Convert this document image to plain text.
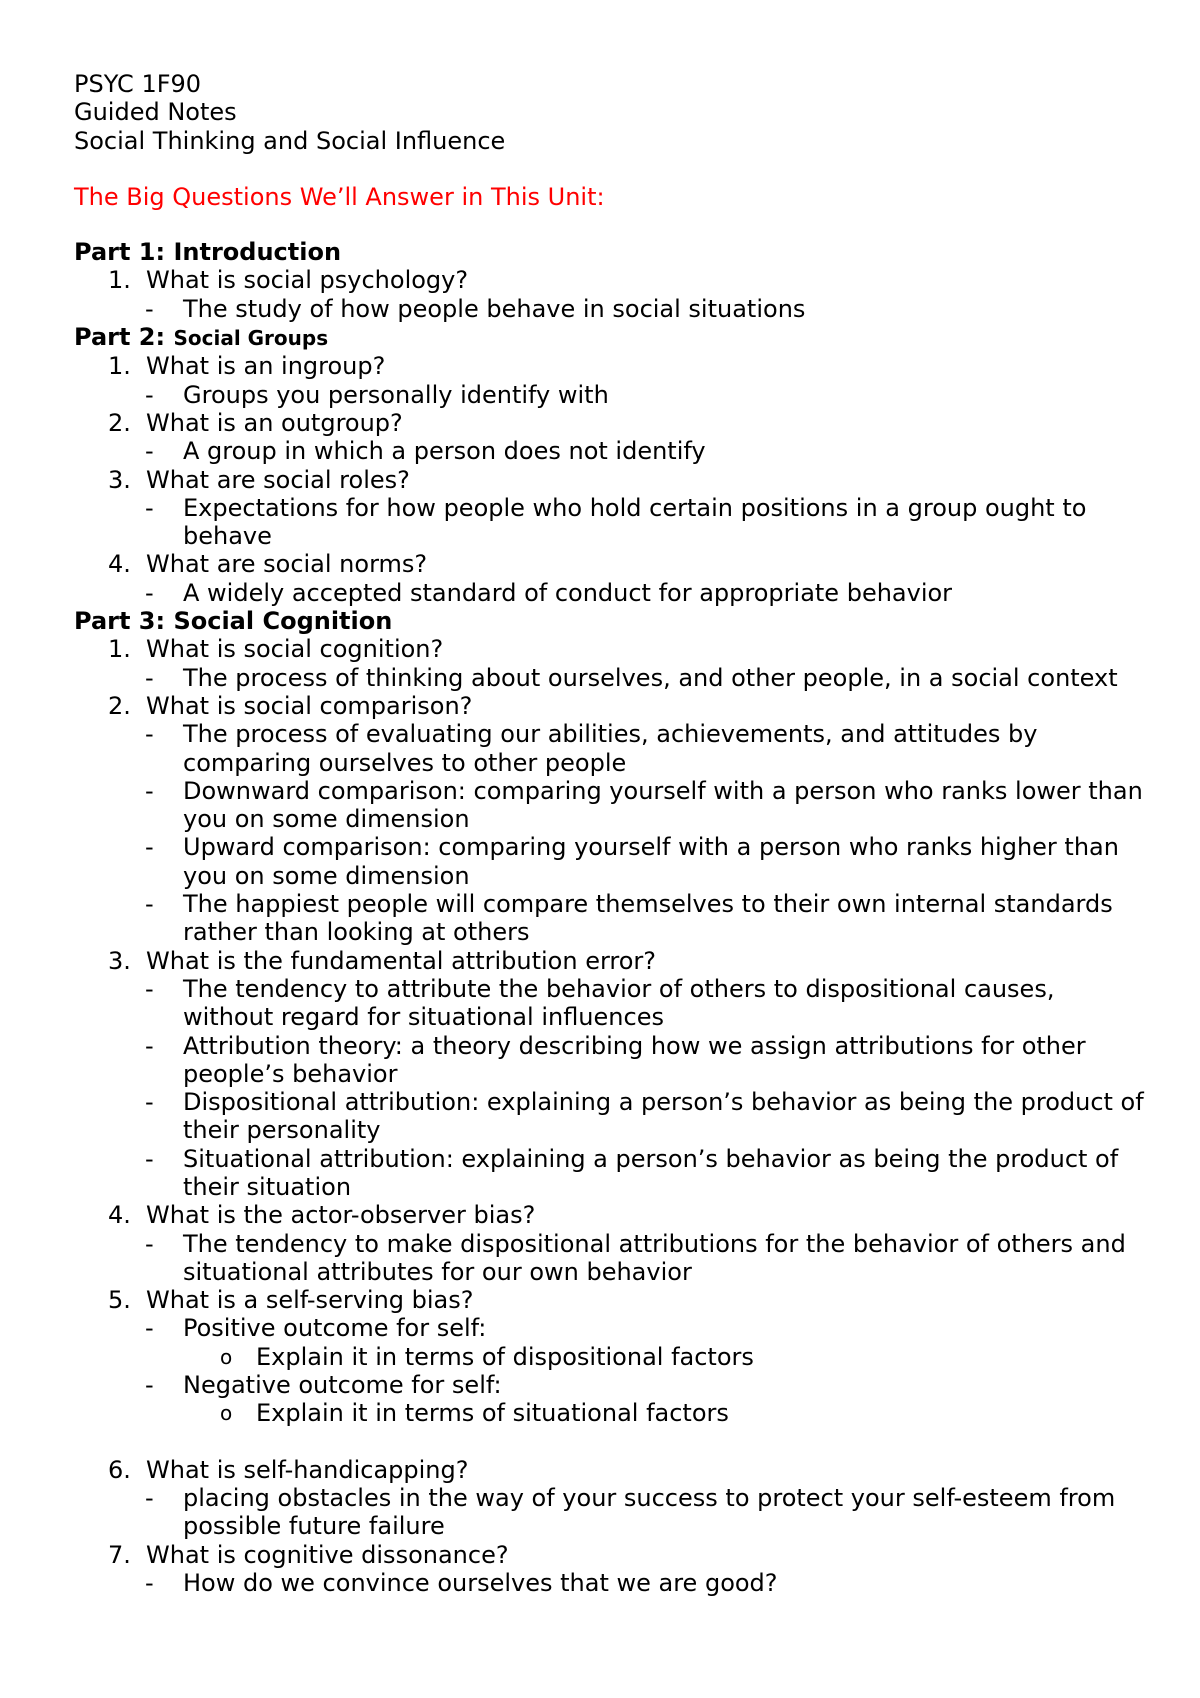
PSYC 1F90
Guided Notes
Social Thinking and Social Influence
The Big Questions We’ll Answer in This Unit:
Part 1: Introduction
1. What is social psychology?
- The study of how people behave in social situations
Part 2: Social Groups
1. What is an ingroup?
- Groups you personally identify with
2. What is an outgroup?
- A group in which a person does not identify
3. What are social roles?
- Expectations for how people who hold certain positions in a group ought to behave
4. What are social norms?
- A widely accepted standard of conduct for appropriate behavior
Part 3: Social Cognition
1. What is social cognition?
- The process of thinking about ourselves, and other people, in a social context
2. What is social comparison?
- The process of evaluating our abilities, achievements, and attitudes by comparing ourselves to other people
- Downward comparison: comparing yourself with a person who ranks lower than you on some dimension
- Upward comparison: comparing yourself with a person who ranks higher than you on some dimension
- The happiest people will compare themselves to their own internal standards rather than looking at others
3. What is the fundamental attribution error?
- The tendency to attribute the behavior of others to dispositional causes, without regard for situational influences
- Attribution theory: a theory describing how we assign attributions for other people’s behavior
- Dispositional attribution: explaining a person’s behavior as being the product of their personality
- Situational attribution: explaining a person’s behavior as being the product of their situation
4. What is the actor-observer bias?
- The tendency to make dispositional attributions for the behavior of others and situational attributes for our own behavior
5. What is a self-serving bias?
- Positive outcome for self:
o Explain it in terms of dispositional factors
- Negative outcome for self:
o Explain it in terms of situational factors
6. What is self-handicapping?
- placing obstacles in the way of your success to protect your self-esteem from possible future failure
7. What is cognitive dissonance?
- How do we convince ourselves that we are good?
